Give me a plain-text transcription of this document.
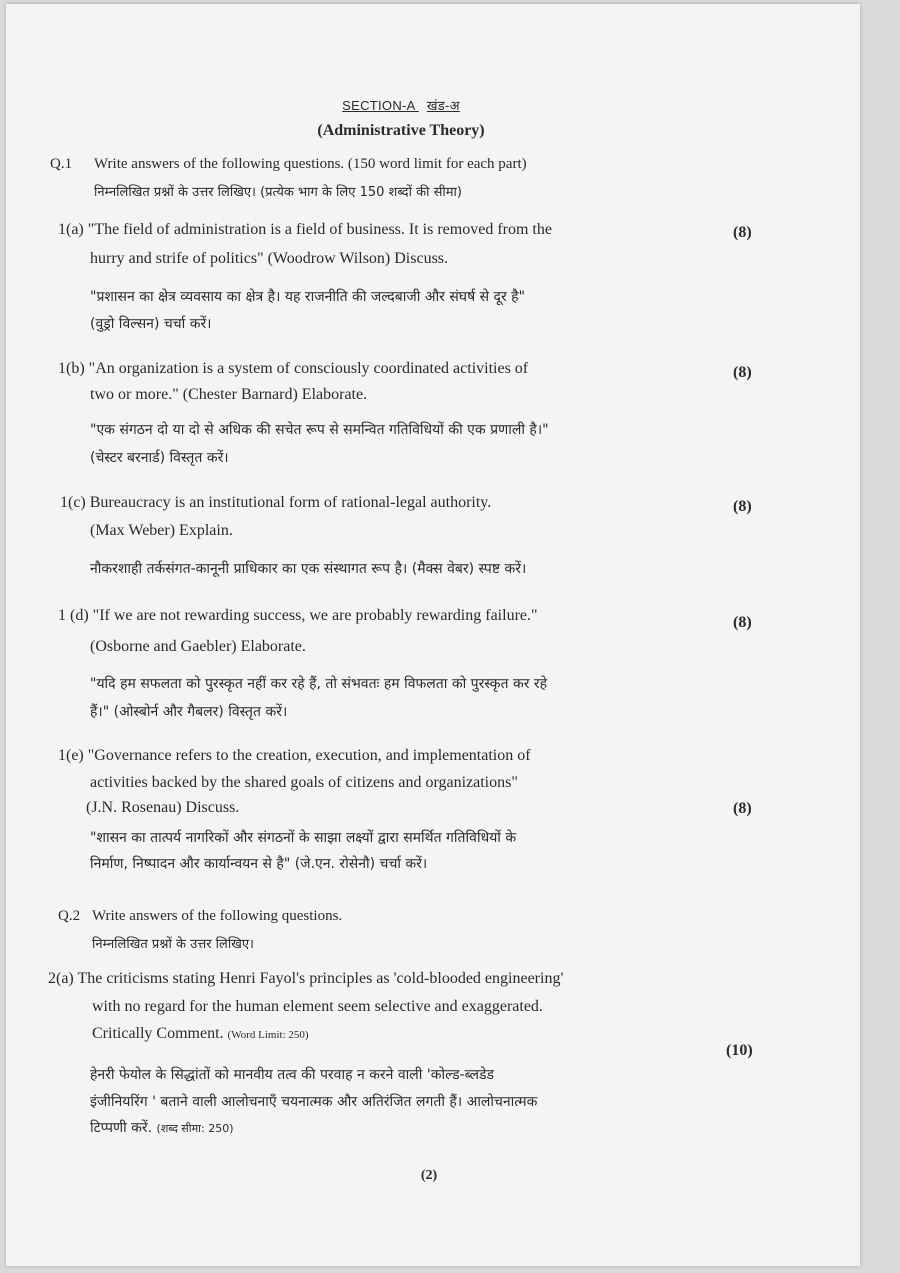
SECTION-A खंड-अ
(Administrative Theory)
Q.1 Write answers of the following questions. (150 word limit for each part)
निम्नलिखित प्रश्नों के उत्तर लिखिए। (प्रत्येक भाग के लिए 150 शब्दों की सीमा)
1(a) "The field of administration is a field of business. It is removed from the
hurry and strife of politics" (Woodrow Wilson) Discuss.
"प्रशासन का क्षेत्र व्यवसाय का क्षेत्र है। यह राजनीति की जल्दबाजी और संघर्ष से दूर है"
(वुड्रो विल्सन) चर्चा करें।
(8)
1(b) "An organization is a system of consciously coordinated activities of
two or more." (Chester Barnard) Elaborate.
"एक संगठन दो या दो से अधिक की सचेत रूप से समन्वित गतिविधियों की एक प्रणाली है।"
(चेस्टर बरनार्ड) विस्तृत करें।
(8)
1(c) Bureaucracy is an institutional form of rational-legal authority.
(Max Weber) Explain.
नौकरशाही तर्कसंगत-कानूनी प्राधिकार का एक संस्थागत रूप है। (मैक्स वेबर) स्पष्ट करें।
(8)
1 (d) "If we are not rewarding success, we are probably rewarding failure."
(Osborne and Gaebler) Elaborate.
"यदि हम सफलता को पुरस्कृत नहीं कर रहे हैं, तो संभवतः हम विफलता को पुरस्कृत कर रहे
हैं।" (ओस्बोर्न और गैबलर) विस्तृत करें।
(8)
1(e) "Governance refers to the creation, execution, and implementation of
activities backed by the shared goals of citizens and organizations"
(J.N. Rosenau) Discuss.
"शासन का तात्पर्य नागरिकों और संगठनों के साझा लक्ष्यों द्वारा समर्थित गतिविधियों के
निर्माण, निष्पादन और कार्यान्वयन से है" (जे.एन. रोसेनौ) चर्चा करें।
(8)
Q.2 Write answers of the following questions.
निम्नलिखित प्रश्नों के उत्तर लिखिए।
2(a) The criticisms stating Henri Fayol's principles as 'cold-blooded engineering'
with no regard for the human element seem selective and exaggerated.
Critically Comment. (Word Limit: 250)
हेनरी फेयोल के सिद्धांतों को मानवीय तत्व की परवाह न करने वाली 'कोल्ड-ब्लडेड
इंजीनियरिंग ' बताने वाली आलोचनाएँ चयनात्मक और अतिरंजित लगती हैं। आलोचनात्मक
टिप्पणी करें. (शब्द सीमा: 250)
(10)
(2)
